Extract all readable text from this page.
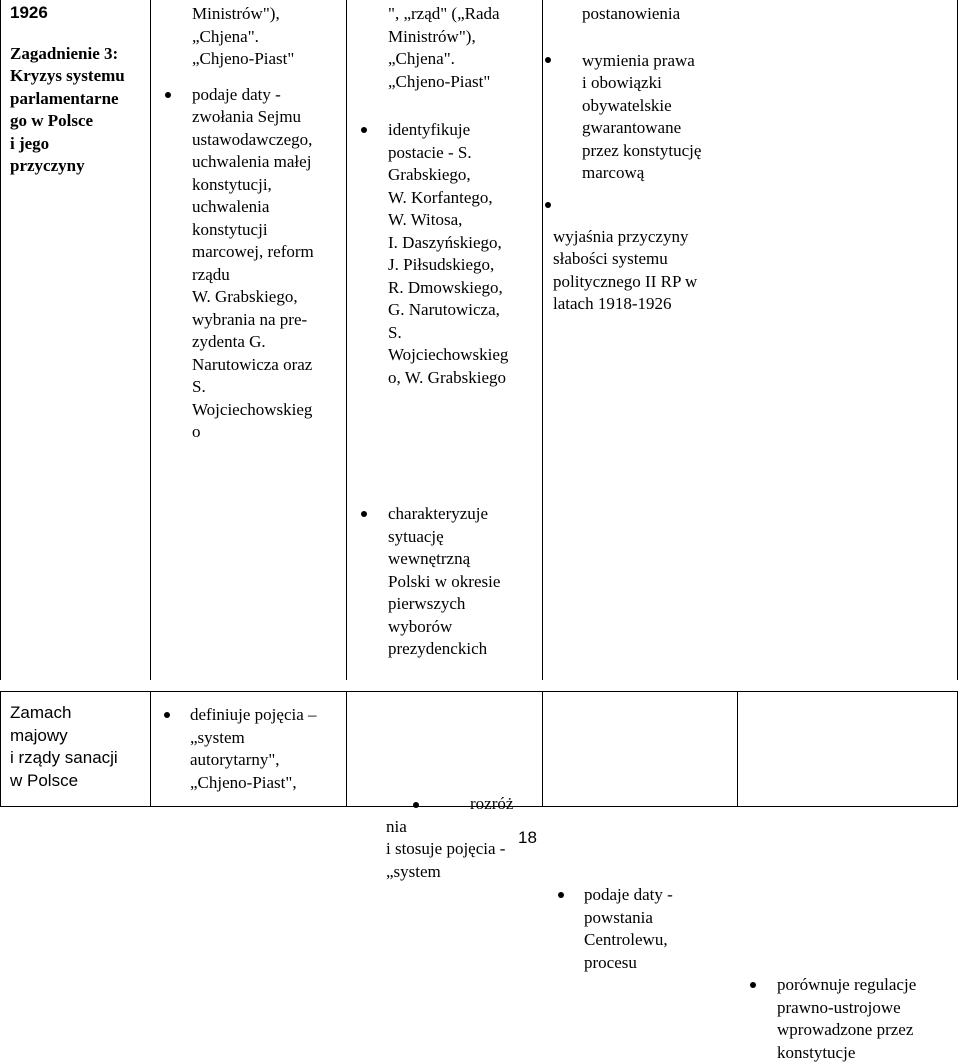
1926
Zagadnienie 3:
Kryzys systemu
parlamentarne
go w Polsce
i jego
przyczyny
Ministrów"),
„Chjena".
„Chjeno-Piast"
podaje daty -
zwołania Sejmu
ustawodawczego,
uchwalenia małej
konstytucji,
uchwalenia
konstytucji
marcowej, reform
rządu
W. Grabskiego,
wybrania na pre-
zydenta G.
Narutowicza oraz
S.
Wojciechowskieg
o
", „rząd" („Rada
Ministrów"),
„Chjena".
„Chjeno-Piast"
identyfikuje
postacie - S.
Grabskiego,
W. Korfantego,
W. Witosa,
I. Daszyńskiego,
J. Piłsudskiego,
R. Dmowskiego,
G. Narutowicza,
S.
Wojciechowskieg
o, W. Grabskiego
charakteryzuje
sytuację
wewnętrzną
Polski w okresie
pierwszych
wyborów
prezydenckich
postanowienia
wymienia prawa
i obowiązki
obywatelskie
gwarantowane
przez konstytucję
marcową
wyjaśnia przyczyny
słabości systemu
politycznego II RP w
latach 1918-1926
Zamach
majowy
i rządy sanacji
w Polsce
definiuje pojęcia –
„system
autorytarny",
„Chjeno-Piast",
rozróż
nia
i stosuje pojęcia -
„system
podaje daty -
powstania
Centrolewu,
procesu
porównuje regulacje
prawno-ustrojowe
wprowadzone przez
konstytucje
18
